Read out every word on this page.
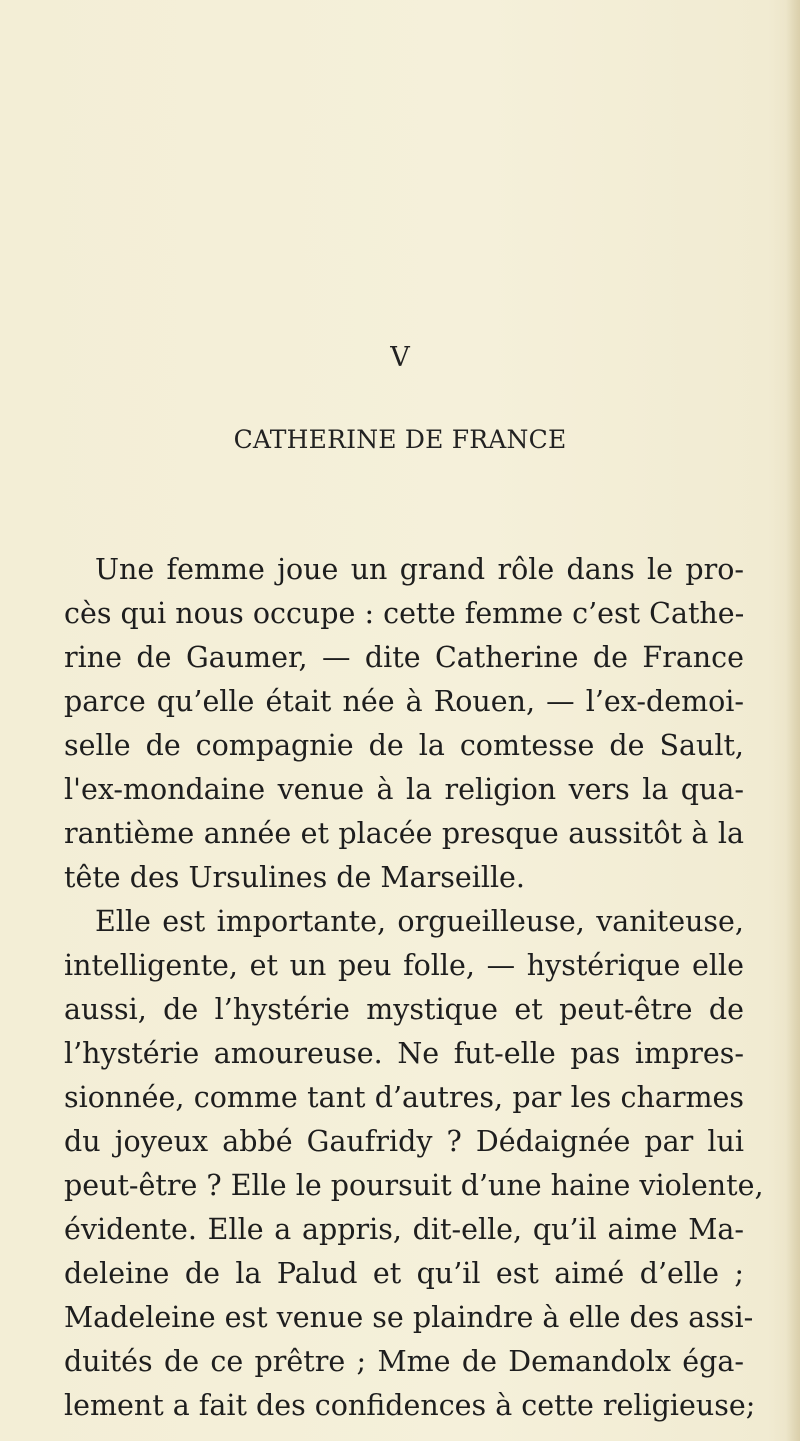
V
CATHERINE DE FRANCE
Une femme joue un grand rôle dans le pro-
cès qui nous occupe : cette femme c’est Cathe-
rine de Gaumer, — dite Catherine de France
parce qu’elle était née à Rouen, — l’ex-demoi-
selle de compagnie de la comtesse de Sault,
l'ex-mondaine venue à la religion vers la qua-
rantième année et placée presque aussitôt à la
tête des Ursulines de Marseille.
Elle est importante, orgueilleuse, vaniteuse,
intelligente, et un peu folle, — hystérique elle
aussi, de l’hystérie mystique et peut-être de
l’hystérie amoureuse. Ne fut-elle pas impres-
sionnée, comme tant d’autres, par les charmes
du joyeux abbé Gaufridy ? Dédaignée par lui
peut-être ? Elle le poursuit d’une haine violente,
évidente. Elle a appris, dit-elle, qu’il aime Ma-
deleine de la Palud et qu’il est aimé d’elle ;
Madeleine est venue se plaindre à elle des assi-
duités de ce prêtre ; Mme de Demandolx éga-
lement a fait des confidences à cette religieuse;
